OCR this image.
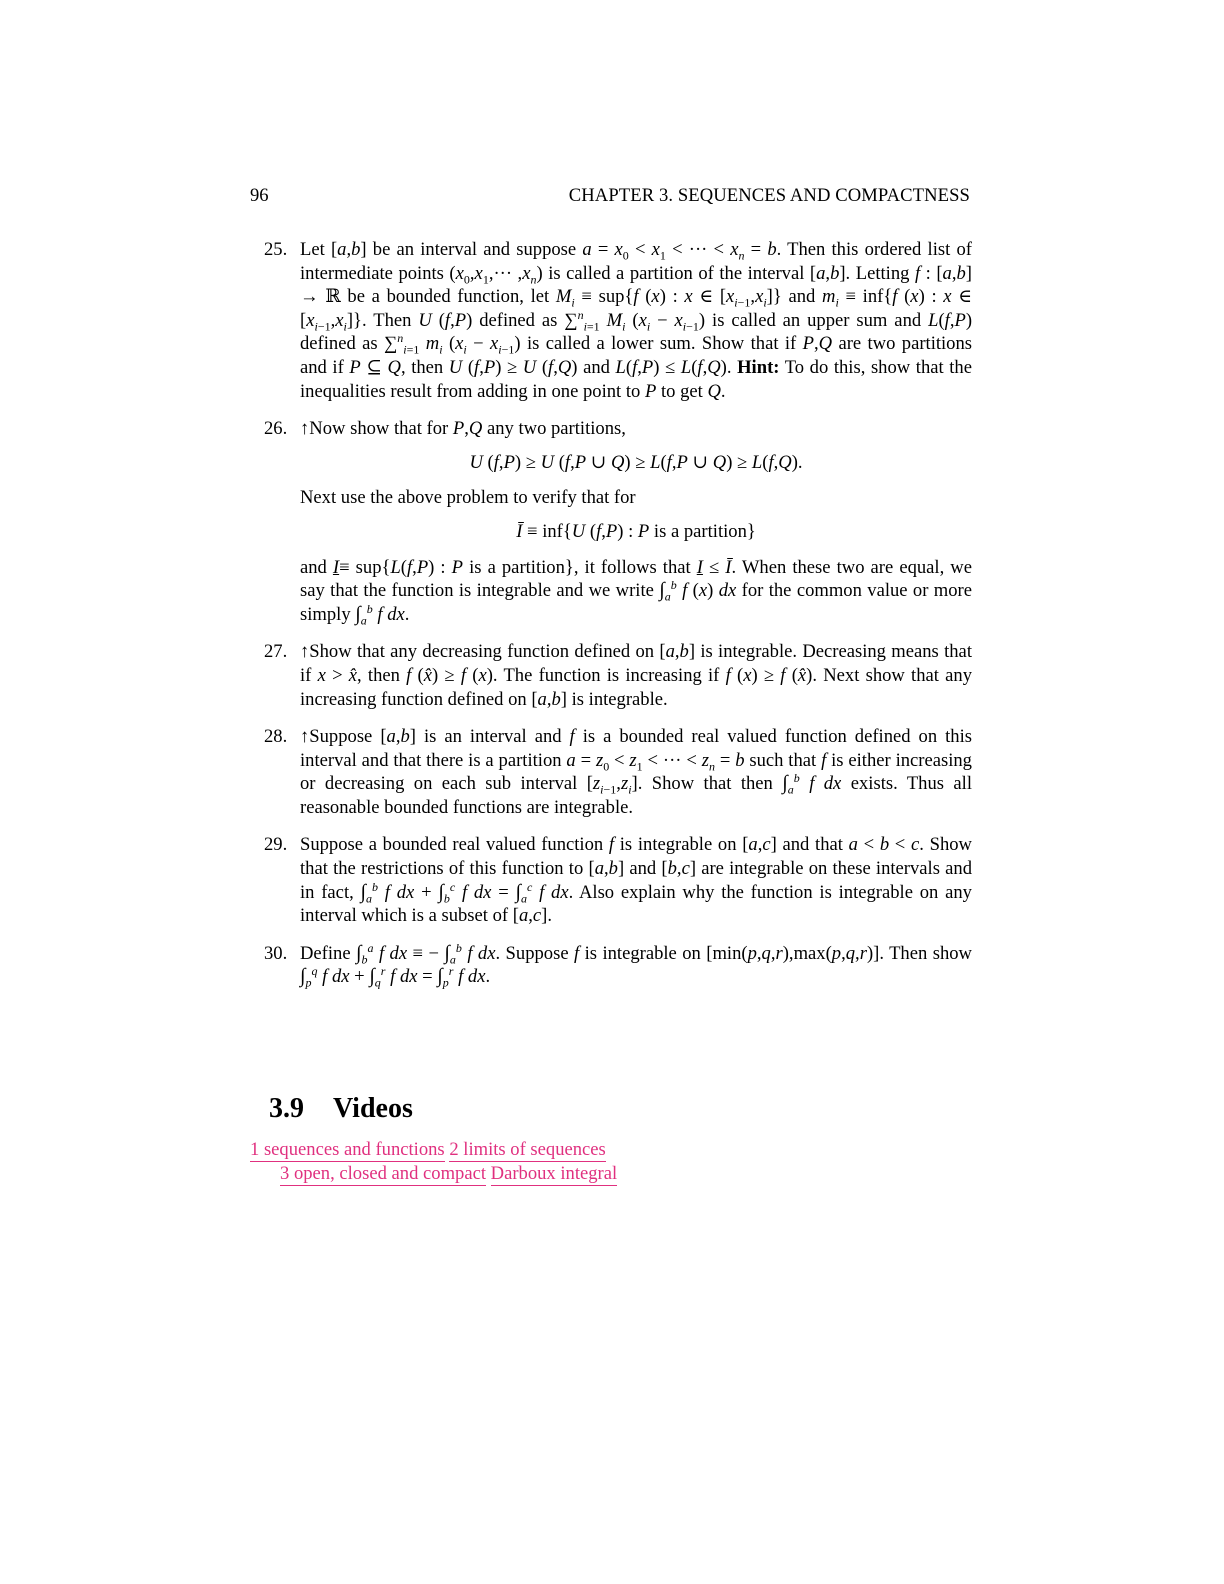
96	CHAPTER 3. SEQUENCES AND COMPACTNESS
25. Let [a,b] be an interval and suppose $a = x_0 < x_1$ < ··· < $x_n = b$. Then this ordered list of intermediate points $(x_0,x_1,\cdot\cdot\cdot ,x_n)$ is called a partition of the interval [a,b]. Letting f : [a,b] → ℝ be a bounded function, let $M_i \equiv sup\{f$ (x) : x ∈ $[x_{i-1},x_i]$} and $m_i \equiv inf\{f$ (x) : x ∈ $[x_{i-1},x_i]$}. Then U (f,P) defined as ∑$^n_{i=1}$ $M_i$ $(x_i - x_{i-1})$ is called an upper sum and L(f,P) defined as ∑$^n_{i=1}$ $m_i$ $(x_i - x_{i-1})$ is called a lower sum. Show that if P,Q are two partitions and if P ⊆ Q, then U (f,P) ≥ U (f,Q) and L(f,P) ≤ L(f,Q). Hint: To do this, show that the inequalities result from adding in one point to P to get Q.

26. ↑Now show that for P,Q any two partitions,

U (f,P) ≥ U (f,P ∪ Q) ≥ L(f,P ∪ Q) ≥ L(f,Q).

Next use the above problem to verify that for

Ī ≡ inf{U (f,P) : P is a partition}

and I≡ sup{L(f,P) : P is a partition}, it follows that I ≤ Ī. When these two are equal, we say that the function is integrable and we write $\int_a^b$ f (x) dx for the common value or more simply $\int_a^b$ f dx.

27. ↑Show that any decreasing function defined on [a,b] is integrable. Decreasing means that if x > x̂, then f (x̂) ≥ f (x). The function is increasing if f (x) ≥ f (x̂). Next show that any increasing function defined on [a,b] is integrable.

28. ↑Suppose [a,b] is an interval and f is a bounded real valued function defined on this interval and that there is a partition $a = z_0 < z_1$ < ··· < $z_n = b$ such that f is either increasing or decreasing on each sub interval $[z_{i-1},z_i]$. Show that then $\int_a^b$ f dx exists. Thus all reasonable bounded functions are integrable.

29. Suppose a bounded real valued function f is integrable on [a,c] and that a < b < c. Show that the restrictions of this function to [a,b] and [b,c] are integrable on these intervals and in fact, $\int_a^b$ f dx + $\int_b^c$ f dx = $\int_a^c$ f dx. Also explain why the function is integrable on any interval which is a subset of [a,c].

30. Define $\int_b^a$ f dx ≡ − $\int_a^b$ f dx. Suppose f is integrable on [min(p,q,r),max(p,q,r)]. Then show $\int_p^q$ f dx + $\int_q^r$ f dx = $\int_p^r$ f dx.

3.9 Videos
1 sequences and functions 2 limits of sequences
3 open, closed and compact Darboux integral
